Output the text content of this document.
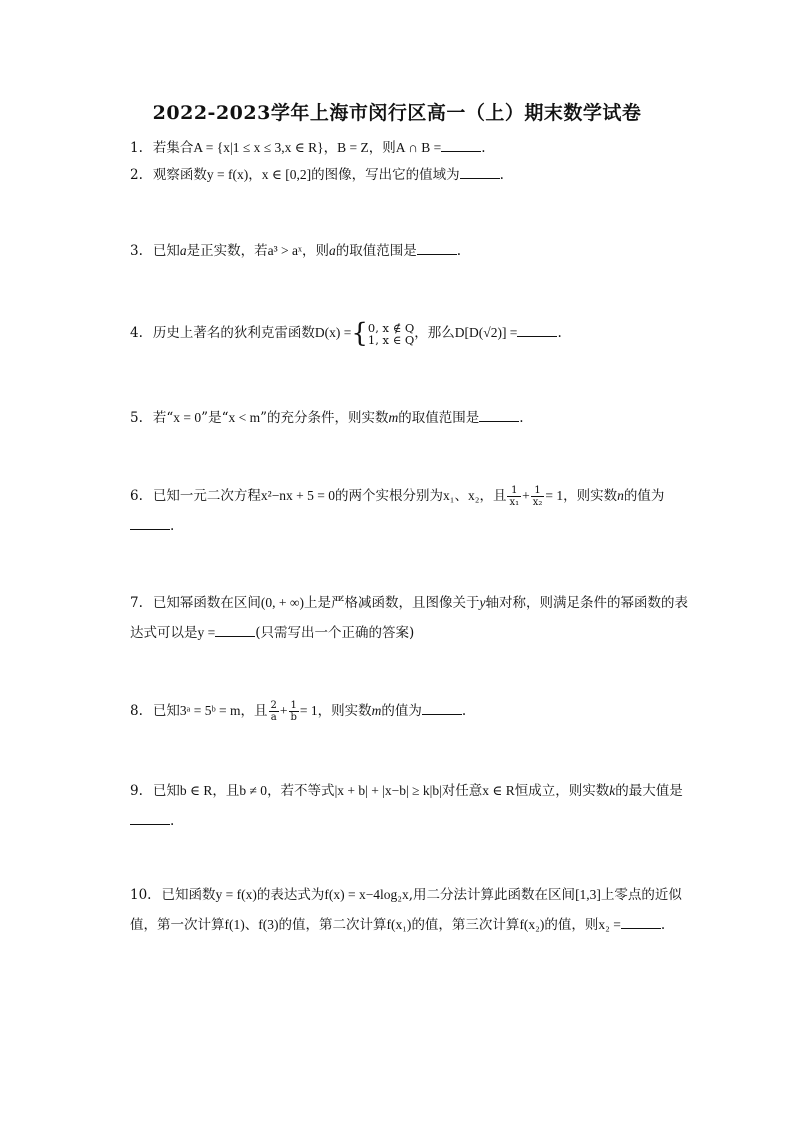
2022-2023学年上海市闵行区高一（上）期末数学试卷
1. 若集合A = {x|1 ≤ x ≤ 3,x ∈ R}，B = Z，则A ∩ B =	.
2. 观察函数y = f(x)，x ∈ [0,2]的图像，写出它的值域为	.
3. 已知a是正实数，若a³ > aˣ，则a的取值范围是	.
4. 历史上著名的狄利克雷函数D(x) ={ 0, x ∉ Q
1, x ∈ Q ，那么D[D(√2)] =	.
5. 若“x = 0”是“x < m”的充分条件，则实数m的取值范围是	.
6. 已知一元二次方程x²−nx + 5 = 0的两个实根分别为x₁、x₂，且 $\frac{1}{\text{x₁}} + \frac{1}{\text{x₂}} = 1$，则实数n的值为
.
7. 已知幂函数在区间(0, + ∞)上是严格减函数，且图像关于y轴对称，则满足条件的幂函数的表达式可以是y =	(只需写出一个正确的答案)
8. 已知3ᵃ = 5ᵇ = m，且 $\frac{2}{a} + \frac{1}{b} = 1$，则实数m的值为	.
9. 已知b ∈ R，且b ≠ 0，若不等式|x + b| + |x−b| ≥ k|b|对任意x ∈ R恒成立，则实数k的最大值是.
10. 已知函数y = f(x)的表达式为f(x) = x−4log₂x,用二分法计算此函数在区间[1,3]上零点的近似值，第一次计算f(1)、f(3)的值，第二次计算f(x₁)的值，第三次计算f(x₂)的值，则x₂ =	.
